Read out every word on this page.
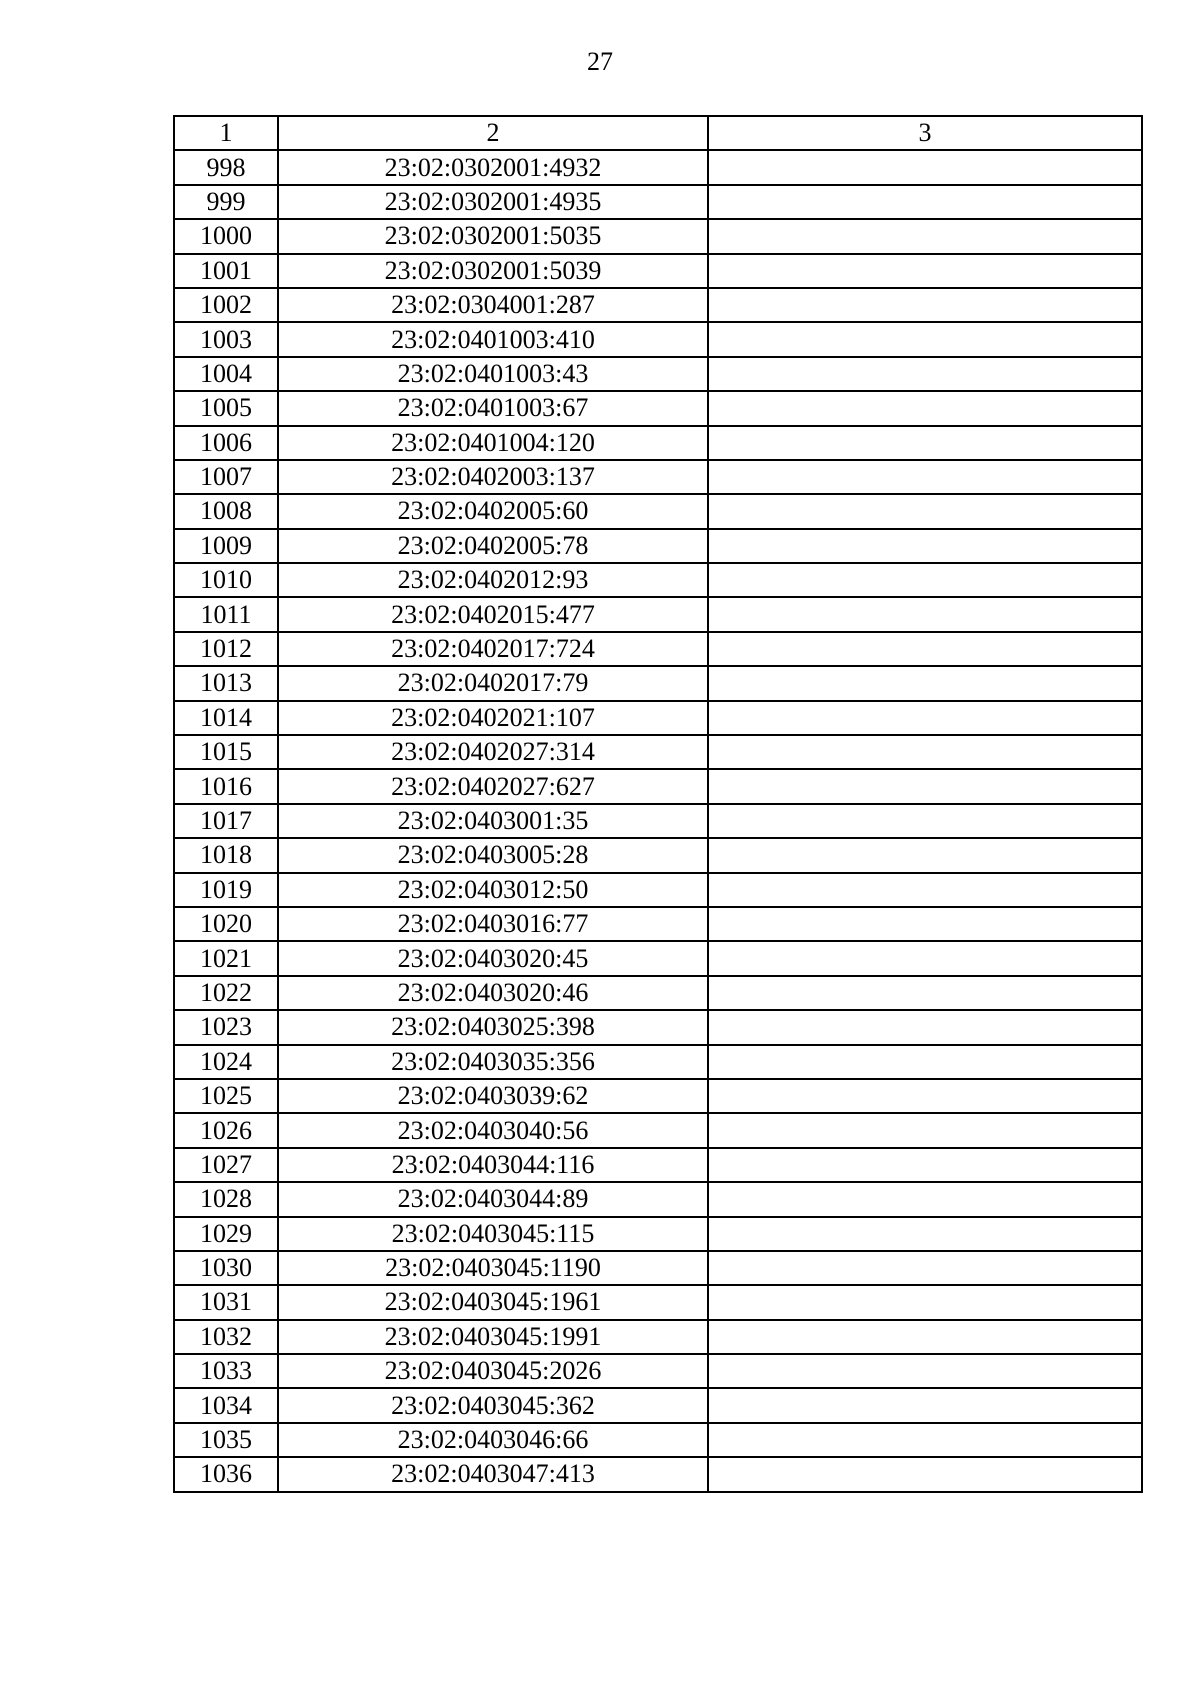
27
1	2	3
998	23:02:0302001:4932	
999	23:02:0302001:4935	
1000	23:02:0302001:5035	
1001	23:02:0302001:5039	
1002	23:02:0304001:287	
1003	23:02:0401003:410	
1004	23:02:0401003:43	
1005	23:02:0401003:67	
1006	23:02:0401004:120	
1007	23:02:0402003:137	
1008	23:02:0402005:60	
1009	23:02:0402005:78	
1010	23:02:0402012:93	
1011	23:02:0402015:477	
1012	23:02:0402017:724	
1013	23:02:0402017:79	
1014	23:02:0402021:107	
1015	23:02:0402027:314	
1016	23:02:0402027:627	
1017	23:02:0403001:35	
1018	23:02:0403005:28	
1019	23:02:0403012:50	
1020	23:02:0403016:77	
1021	23:02:0403020:45	
1022	23:02:0403020:46	
1023	23:02:0403025:398	
1024	23:02:0403035:356	
1025	23:02:0403039:62	
1026	23:02:0403040:56	
1027	23:02:0403044:116	
1028	23:02:0403044:89	
1029	23:02:0403045:115	
1030	23:02:0403045:1190	
1031	23:02:0403045:1961	
1032	23:02:0403045:1991	
1033	23:02:0403045:2026	
1034	23:02:0403045:362	
1035	23:02:0403046:66	
1036	23:02:0403047:413	
